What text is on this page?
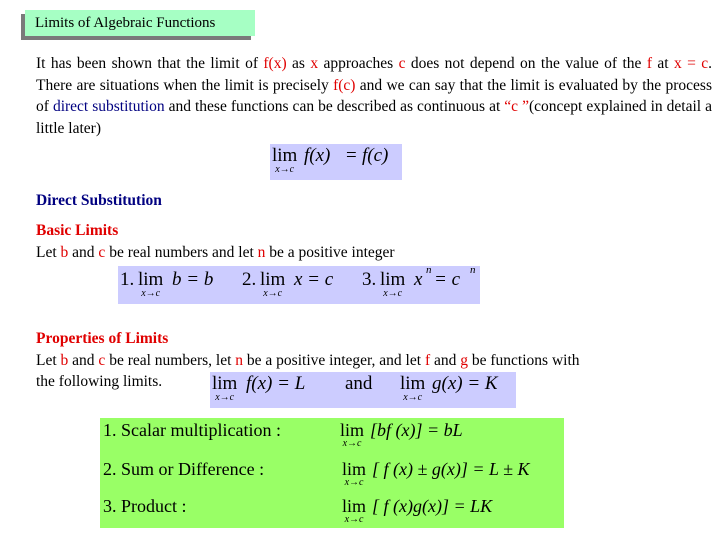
Limits of Algebraic Functions
It has been shown that the limit of f(x) as x approaches c does not depend on the value of the f at x = c. There are situations when the limit is precisely f(c) and we can say that the limit is evaluated by the process of direct substitution and these functions can be described as continuous at “c ”(concept explained in detail a little later)
lim
x→c
f(x) = f(c)
Direct Substitution
Basic Limits
Let b and c be real numbers and let n be a positive integer
1. lim
x→c
b = b 2. lim
x→c
x = c 3. lim
x→c
x n = c n
Properties of Limits
Let b and c be real numbers, let n be a positive integer, and let f and g be functions with
the following limits.	lim
x→c
f(x) = L and lim
x→c
g(x) = K
1. Scalar multiplication :	lim
x→c
[bf (x)] = bL
2. Sum or Difference :	lim
x→c
[ f (x) ± g(x)] = L ± K
3. Product :	lim
x→c
[ f (x)g(x)] = LK
